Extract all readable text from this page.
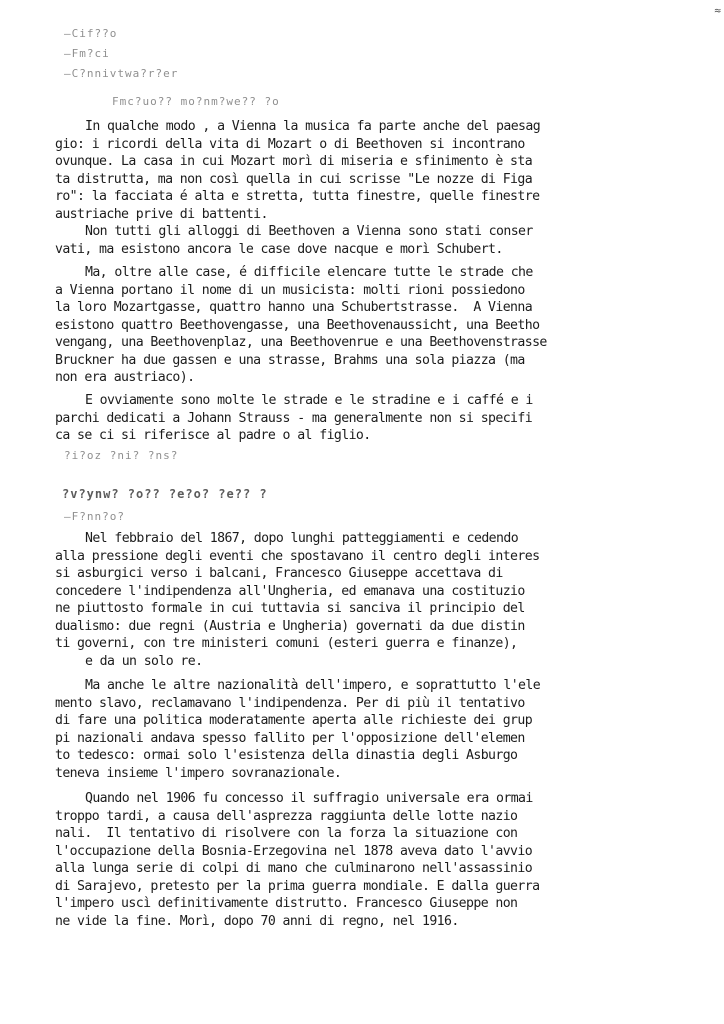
≈
—Cif??o
—Fm?ci
—C?nnivtwa?r?er
Fmc?uo?? mo?nm?we?? ?o
In qualche modo , a Vienna la musica fa parte anche del paesag
gio: i ricordi della vita di Mozart o di Beethoven si incontrano
ovunque. La casa in cui Mozart morì di miseria e sfinimento è sta
ta distrutta, ma non così quella in cui scrisse "Le nozze di Figa
ro": la facciata é alta e stretta, tutta finestre, quelle finestre
austriache prive di battenti.
Non tutti gli alloggi di Beethoven a Vienna sono stati conser
vati, ma esistono ancora le case dove nacque e morì Schubert.
Ma, oltre alle case, é difficile elencare tutte le strade che
a Vienna portano il nome di un musicista: molti rioni possiedono
la loro Mozartgasse, quattro hanno una Schubertstrasse.  A Vienna
esistono quattro Beethovengasse, una Beethovenaussicht, una Beetho
vengang, una Beethovenplaz, una Beethovenrue e una Beethovenstrasse
Bruckner ha due gassen e una strasse, Brahms una sola piazza (ma
non era austriaco).
E ovviamente sono molte le strade e le stradine e i caffé e i
parchi dedicati a Johann Strauss - ma generalmente non si specifi
ca se ci si riferisce al padre o al figlio.
?i?oz ?ni? ?ns?
?v?ynw? ?o?? ?e?o? ?e?? ?
—F?nn?o?
Nel febbraio del 1867, dopo lunghi patteggiamenti e cedendo
alla pressione degli eventi che spostavano il centro degli interes
si asburgici verso i balcani, Francesco Giuseppe accettava di
concedere l'indipendenza all'Ungheria, ed emanava una costituzio
ne piuttosto formale in cui tuttavia si sanciva il principio del
dualismo: due regni (Austria e Ungheria) governati da due distin
ti governi, con tre ministeri comuni (esteri guerra e finanze),
e da un solo re.
Ma anche le altre nazionalità dell'impero, e soprattutto l'ele
mento slavo, reclamavano l'indipendenza. Per di più il tentativo
di fare una politica moderatamente aperta alle richieste dei grup
pi nazionali andava spesso fallito per l'opposizione dell'elemen
to tedesco: ormai solo l'esistenza della dinastia degli Asburgo
teneva insieme l'impero sovranazionale.
Quando nel 1906 fu concesso il suffragio universale era ormai
troppo tardi, a causa dell'asprezza raggiunta delle lotte nazio
nali.  Il tentativo di risolvere con la forza la situazione con
l'occupazione della Bosnia-Erzegovina nel 1878 aveva dato l'avvio
alla lunga serie di colpi di mano che culminarono nell'assassinio
di Sarajevo, pretesto per la prima guerra mondiale. E dalla guerra
l'impero uscì definitivamente distrutto. Francesco Giuseppe non
ne vide la fine. Morì, dopo 70 anni di regno, nel 1916.
